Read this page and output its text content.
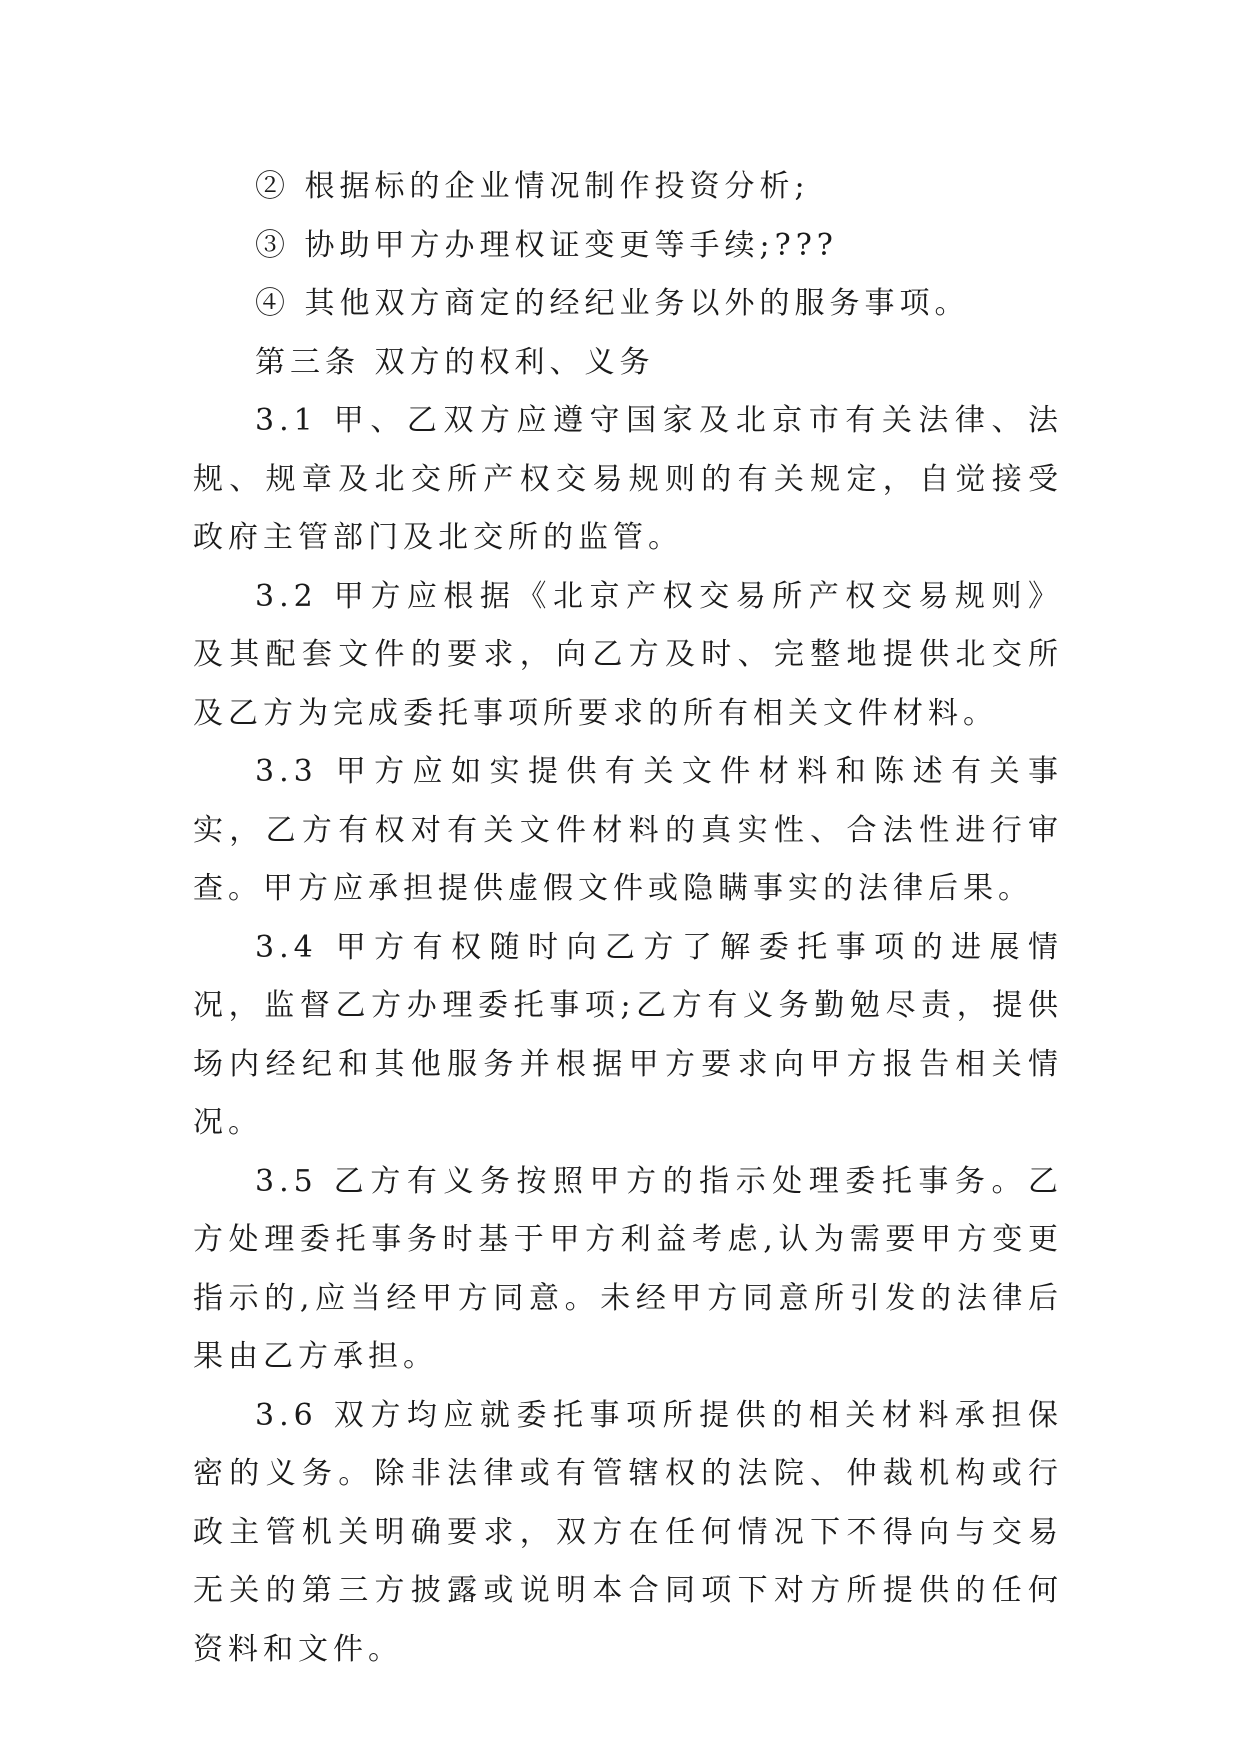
② 根据标的企业情况制作投资分析;

③ 协助甲方办理权证变更等手续;???

④ 其他双方商定的经纪业务以外的服务事项。

第三条 双方的权利、义务

3.1 甲、乙双方应遵守国家及北京市有关法律、法规、规章及北交所产权交易规则的有关规定，自觉接受政府主管部门及北交所的监管。

3.2 甲方应根据《北京产权交易所产权交易规则》及其配套文件的要求，向乙方及时、完整地提供北交所及乙方为完成委托事项所要求的所有相关文件材料。

3.3 甲方应如实提供有关文件材料和陈述有关事实，乙方有权对有关文件材料的真实性、合法性进行审查。甲方应承担提供虚假文件或隐瞒事实的法律后果。

3.4 甲方有权随时向乙方了解委托事项的进展情况，监督乙方办理委托事项;乙方有义务勤勉尽责，提供场内经纪和其他服务并根据甲方要求向甲方报告相关情况。

3.5 乙方有义务按照甲方的指示处理委托事务。乙方处理委托事务时基于甲方利益考虑,认为需要甲方变更指示的,应当经甲方同意。未经甲方同意所引发的法律后果由乙方承担。

3.6 双方均应就委托事项所提供的相关材料承担保密的义务。除非法律或有管辖权的法院、仲裁机构或行政主管机关明确要求，双方在任何情况下不得向与交易无关的第三方披露或说明本合同项下对方所提供的任何资料和文件。
